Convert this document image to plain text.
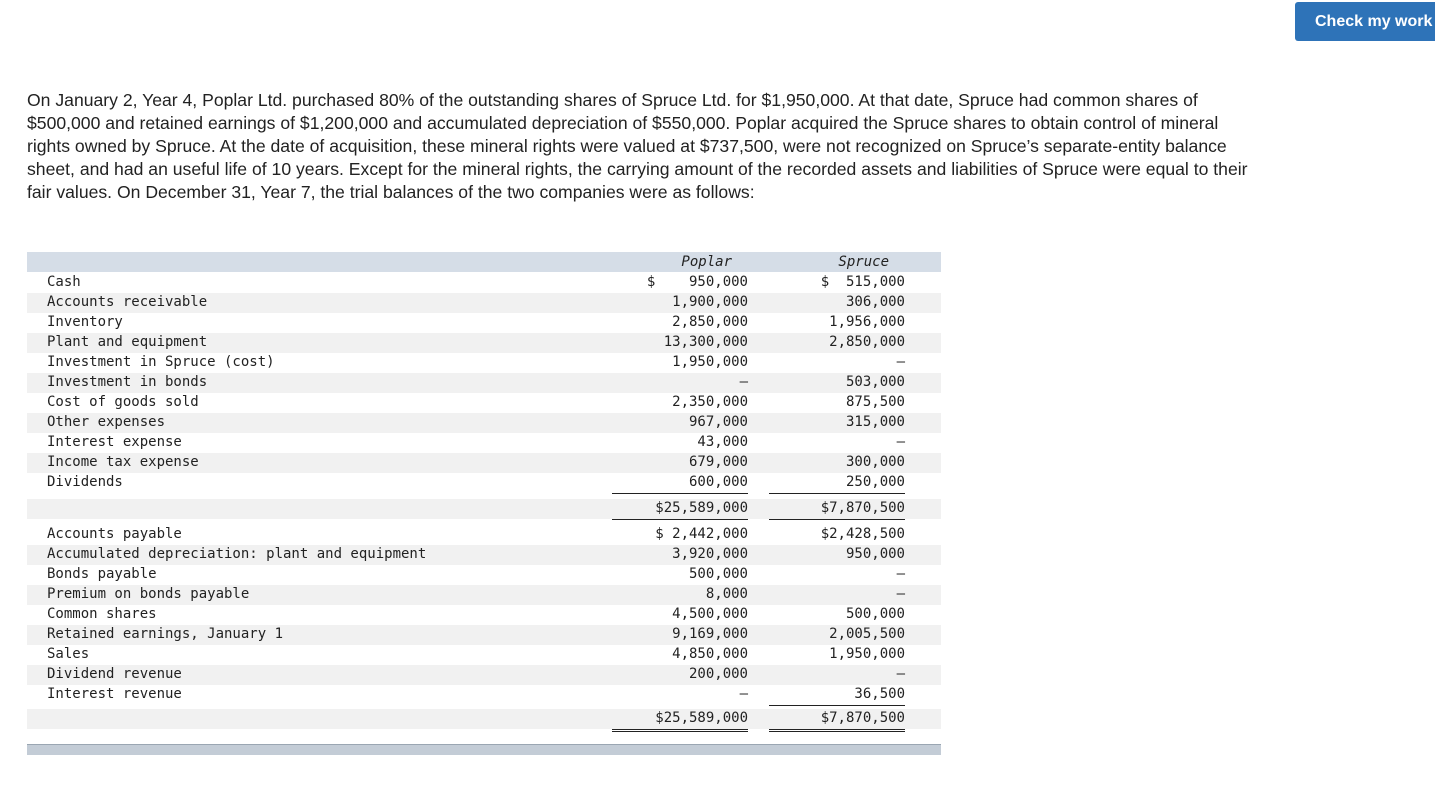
Check my work

On January 2, Year 4, Poplar Ltd. purchased 80% of the outstanding shares of Spruce Ltd. for $1,950,000. At that date, Spruce had common shares of $500,000 and retained earnings of $1,200,000 and accumulated depreciation of $550,000. Poplar acquired the Spruce shares to obtain control of mineral rights owned by Spruce. At the date of acquisition, these mineral rights were valued at $737,500, were not recognized on Spruce’s separate-entity balance sheet, and had an useful life of 10 years. Except for the mineral rights, the carrying amount of the recorded assets and liabilities of Spruce were equal to their fair values. On December 31, Year 7, the trial balances of the two companies were as follows:

Poplar	Spruce
Cash	$    950,000	$  515,000
Accounts receivable	1,900,000	306,000
Inventory	2,850,000	1,956,000
Plant and equipment	13,300,000	2,850,000
Investment in Spruce (cost)	1,950,000	–
Investment in bonds	–	503,000
Cost of goods sold	2,350,000	875,500
Other expenses	967,000	315,000
Interest expense	43,000	–
Income tax expense	679,000	300,000
Dividends	600,000	250,000
$25,589,000	$7,870,500
Accounts payable	$ 2,442,000	$2,428,500
Accumulated depreciation: plant and equipment	3,920,000	950,000
Bonds payable	500,000	–
Premium on bonds payable	8,000	–
Common shares	4,500,000	500,000
Retained earnings, January 1	9,169,000	2,005,500
Sales	4,850,000	1,950,000
Dividend revenue	200,000	–
Interest revenue	–	36,500
$25,589,000	$7,870,500
